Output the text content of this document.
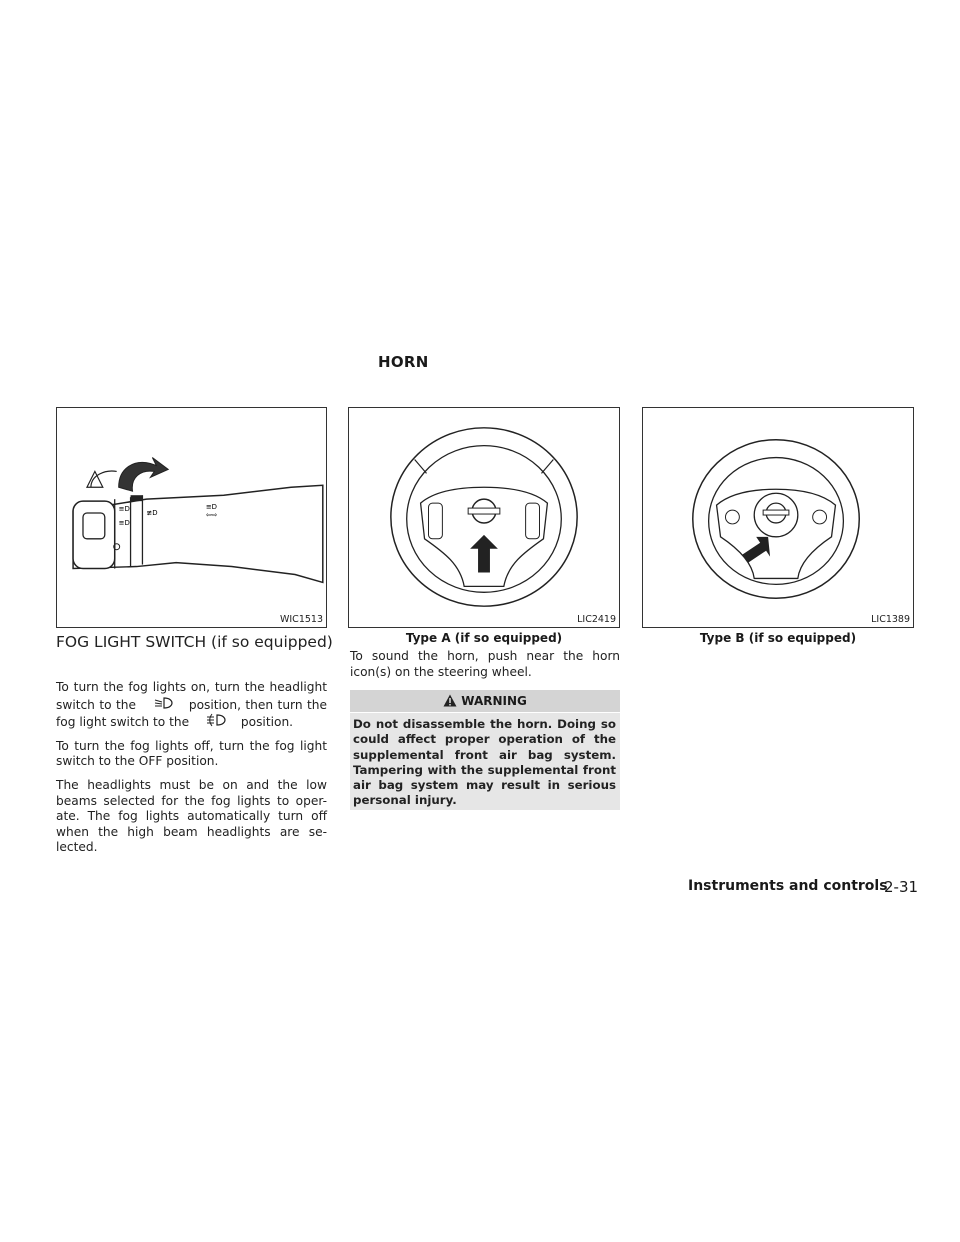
HORN
≡D
≡D
≢D
≡D
⇦⇨
WIC1513	LIC2419
Type A (if so equipped)
LIC1389
Type B (if so equipped)
FOG LIGHT SWITCH (if so equipped)

To turn the fog lights on, turn the headlight switch to the	position, then turn the fog light switch to the	position.

To turn the fog lights off, turn the fog light switch to the OFF position.

The headlights must be on and the low beams selected for the fog lights to oper-ate. The fog lights automatically turn off when the high beam headlights are se-lected.

To sound the horn, push near the horn icon(s) on the steering wheel.
WARNING
Do not disassemble the horn. Doing so could affect proper operation of the supplemental front air bag system. Tampering with the supplemental front air bag system may result in serious personal injury.
Instruments and controls
2-31
